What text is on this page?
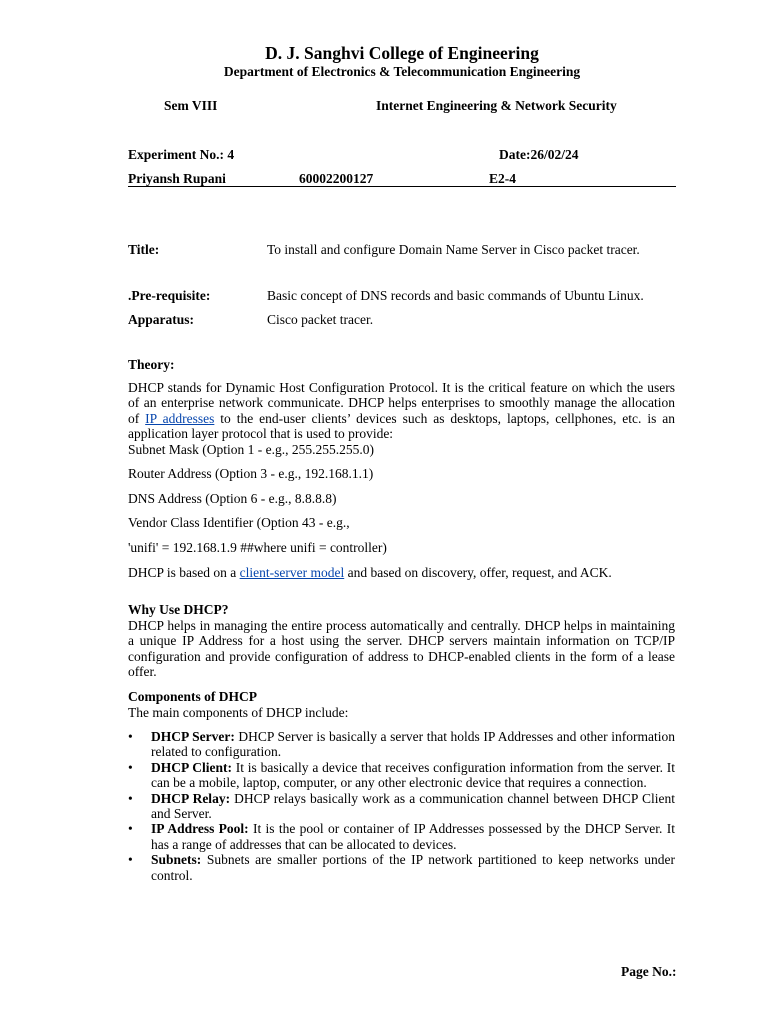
D. J. Sanghvi College of Engineering
Department of Electronics & Telecommunication Engineering
Sem VIII	Internet Engineering & Network Security
Experiment No.: 4	Date:26/02/24
Priyansh Rupani	60002200127	E2-4
Title:	To install and configure Domain Name Server in Cisco packet tracer.
.Pre-requisite:	Basic concept of DNS records and basic commands of Ubuntu Linux.
Apparatus:	Cisco packet tracer.
Theory:
DHCP stands for Dynamic Host Configuration Protocol. It is the critical feature on which the users of an enterprise network communicate. DHCP helps enterprises to smoothly manage the allocation of IP addresses to the end-user clients’ devices such as desktops, laptops, cellphones, etc. is an application layer protocol that is used to provide:
Subnet Mask (Option 1 - e.g., 255.255.255.0)
Router Address (Option 3 - e.g., 192.168.1.1)
DNS Address (Option 6 - e.g., 8.8.8.8)
Vendor Class Identifier (Option 43 - e.g.,
'unifi' = 192.168.1.9 ##where unifi = controller)
DHCP is based on a client-server model and based on discovery, offer, request, and ACK.
Why Use DHCP?
DHCP helps in managing the entire process automatically and centrally. DHCP helps in maintaining a unique IP Address for a host using the server. DHCP servers maintain information on TCP/IP configuration and provide configuration of address to DHCP-enabled clients in the form of a lease offer.
Components of DHCP
The main components of DHCP include:
• DHCP Server: DHCP Server is basically a server that holds IP Addresses and other information related to configuration.
• DHCP Client: It is basically a device that receives configuration information from the server. It can be a mobile, laptop, computer, or any other electronic device that requires a connection.
• DHCP Relay: DHCP relays basically work as a communication channel between DHCP Client and Server.
• IP Address Pool: It is the pool or container of IP Addresses possessed by the DHCP Server. It has a range of addresses that can be allocated to devices.
• Subnets: Subnets are smaller portions of the IP network partitioned to keep networks under control.
Page No.:
